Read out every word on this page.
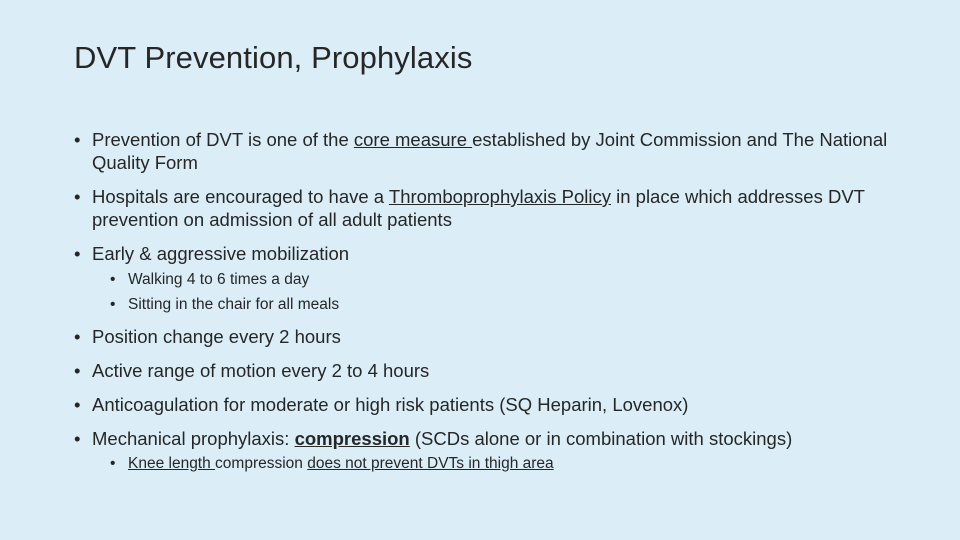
DVT Prevention, Prophylaxis
• Prevention of DVT is one of the core measure established by Joint Commission and The National Quality Form
• Hospitals are encouraged to have a Thromboprophylaxis Policy in place which addresses DVT prevention on admission of all adult patients
• Early & aggressive mobilization
• Walking 4 to 6 times a day
• Sitting in the chair for all meals
• Position change every 2 hours
• Active range of motion every 2 to 4 hours
• Anticoagulation for moderate or high risk patients (SQ Heparin, Lovenox)
• Mechanical prophylaxis: compression (SCDs alone or in combination with stockings)
• Knee length compression does not prevent DVTs in thigh area
